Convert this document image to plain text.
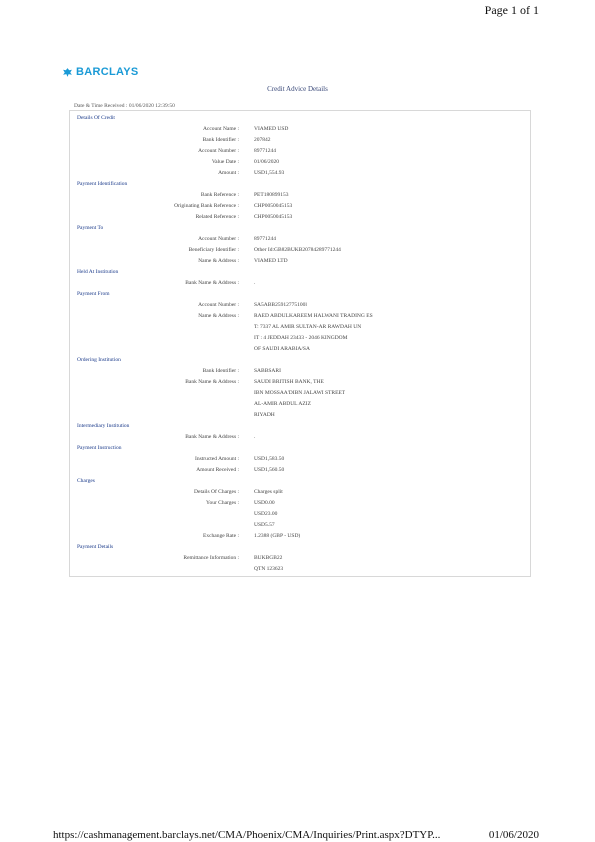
Page 1 of 1
BARCLAYS
Credit Advice Details
Date & Time Received : 01/06/2020 12:39:50
Details Of Credit
Account Name :	VIAMED USD
Bank Identifier :	207842
Account Number :	89771244
Value Date :	01/06/2020
Amount :	USD1,554.93
Payment Identification
Bank Reference :	PET180899153
Originating Bank Reference :	CHP0050045153
Related Reference :	CHP0050045153
Payment To
Account Number :	89771244
Beneficiary Identifier :	Other Id:GB82BUKB20784289771244
Name & Address :	VIAMED LTD
Held At Institution
Bank Name & Address :	.
Payment From
Account Number :	SA5ABB25912775100l
Name & Address :	RAED ABDULKAREEM HALWANI TRADING ES
T: 7337 AL AMIR SULTAN-AR RAWDAH UN
IT : 4 JEDDAH 23433 - 2046 KINGDOM
OF SAUDI ARABIA/SA
Ordering Institution
Bank Identifier :	SABBSARI
Bank Name & Address :	SAUDI BRITISH BANK, THE
IBN MOSSAA'DIBN JALAWI STREET
AL-AMIR ABDUL AZIZ
RIYADH
Intermediary Institution
Bank Name & Address :	.
Payment Instruction
Instructed Amount :	USD1,583.50
Amount Received :	USD1,560.50
Charges
Details Of Charges :	Charges split
Your Charges :	USD0.00
USD23.00
USD5.57
Exchange Rate :	1.2388 (GBP - USD)
Payment Details
Remittance Information :	BUKBGB22
QTN 123623
https://cashmanagement.barclays.net/CMA/Phoenix/CMA/Inquiries/Print.aspx?DTYP...	01/06/2020
